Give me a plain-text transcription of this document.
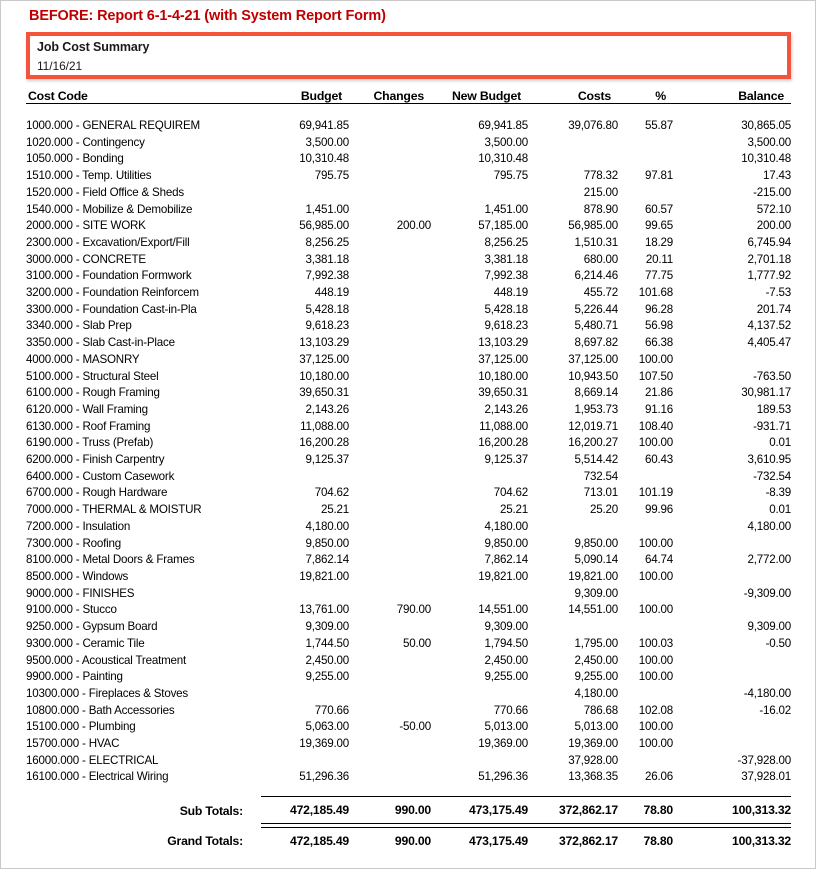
BEFORE: Report 6-1-4-21 (with System Report Form)
Job Cost Summary
11/16/21
Cost Code	Budget	Changes	New Budget	Costs	%	Balance

1000.000 - GENERAL REQUIREM	69,941.85		69,941.85	39,076.80	55.87	30,865.05
1020.000 - Contingency	3,500.00		3,500.00			3,500.00
1050.000 - Bonding	10,310.48		10,310.48			10,310.48
1510.000 - Temp. Utilities	795.75		795.75	778.32	97.81	17.43
1520.000 - Field Office & Sheds				215.00		-215.00
1540.000 - Mobilize & Demobilize	1,451.00		1,451.00	878.90	60.57	572.10
2000.000 - SITE WORK	56,985.00	200.00	57,185.00	56,985.00	99.65	200.00
2300.000 - Excavation/Export/Fill	8,256.25		8,256.25	1,510.31	18.29	6,745.94
3000.000 - CONCRETE	3,381.18		3,381.18	680.00	20.11	2,701.18
3100.000 - Foundation Formwork	7,992.38		7,992.38	6,214.46	77.75	1,777.92
3200.000 - Foundation Reinforcem	448.19		448.19	455.72	101.68	-7.53
3300.000 - Foundation Cast-in-Pla	5,428.18		5,428.18	5,226.44	96.28	201.74
3340.000 - Slab Prep	9,618.23		9,618.23	5,480.71	56.98	4,137.52
3350.000 - Slab Cast-in-Place	13,103.29		13,103.29	8,697.82	66.38	4,405.47
4000.000 - MASONRY	37,125.00		37,125.00	37,125.00	100.00	
5100.000 - Structural Steel	10,180.00		10,180.00	10,943.50	107.50	-763.50
6100.000 - Rough Framing	39,650.31		39,650.31	8,669.14	21.86	30,981.17
6120.000 - Wall Framing	2,143.26		2,143.26	1,953.73	91.16	189.53
6130.000 - Roof Framing	11,088.00		11,088.00	12,019.71	108.40	-931.71
6190.000 - Truss (Prefab)	16,200.28		16,200.28	16,200.27	100.00	0.01
6200.000 - Finish Carpentry	9,125.37		9,125.37	5,514.42	60.43	3,610.95
6400.000 - Custom Casework				732.54		-732.54
6700.000 - Rough Hardware	704.62		704.62	713.01	101.19	-8.39
7000.000 - THERMAL & MOISTUR	25.21		25.21	25.20	99.96	0.01
7200.000 - Insulation	4,180.00		4,180.00			4,180.00
7300.000 - Roofing	9,850.00		9,850.00	9,850.00	100.00	
8100.000 - Metal Doors & Frames	7,862.14		7,862.14	5,090.14	64.74	2,772.00
8500.000 - Windows	19,821.00		19,821.00	19,821.00	100.00	
9000.000 - FINISHES				9,309.00		-9,309.00
9100.000 - Stucco	13,761.00	790.00	14,551.00	14,551.00	100.00	
9250.000 - Gypsum Board	9,309.00		9,309.00			9,309.00
9300.000 - Ceramic Tile	1,744.50	50.00	1,794.50	1,795.00	100.03	-0.50
9500.000 - Acoustical Treatment	2,450.00		2,450.00	2,450.00	100.00	
9900.000 - Painting	9,255.00		9,255.00	9,255.00	100.00	
10300.000 - Fireplaces & Stoves				4,180.00		-4,180.00
10800.000 - Bath Accessories	770.66		770.66	786.68	102.08	-16.02
15100.000 - Plumbing	5,063.00	-50.00	5,013.00	5,013.00	100.00	
15700.000 - HVAC	19,369.00		19,369.00	19,369.00	100.00	
16000.000 - ELECTRICAL				37,928.00		-37,928.00
16100.000 - Electrical Wiring	51,296.36		51,296.36	13,368.35	26.06	37,928.01

Sub Totals:	472,185.49	990.00	473,175.49	372,862.17	78.80	100,313.32

Grand Totals:	472,185.49	990.00	473,175.49	372,862.17	78.80	100,313.32
